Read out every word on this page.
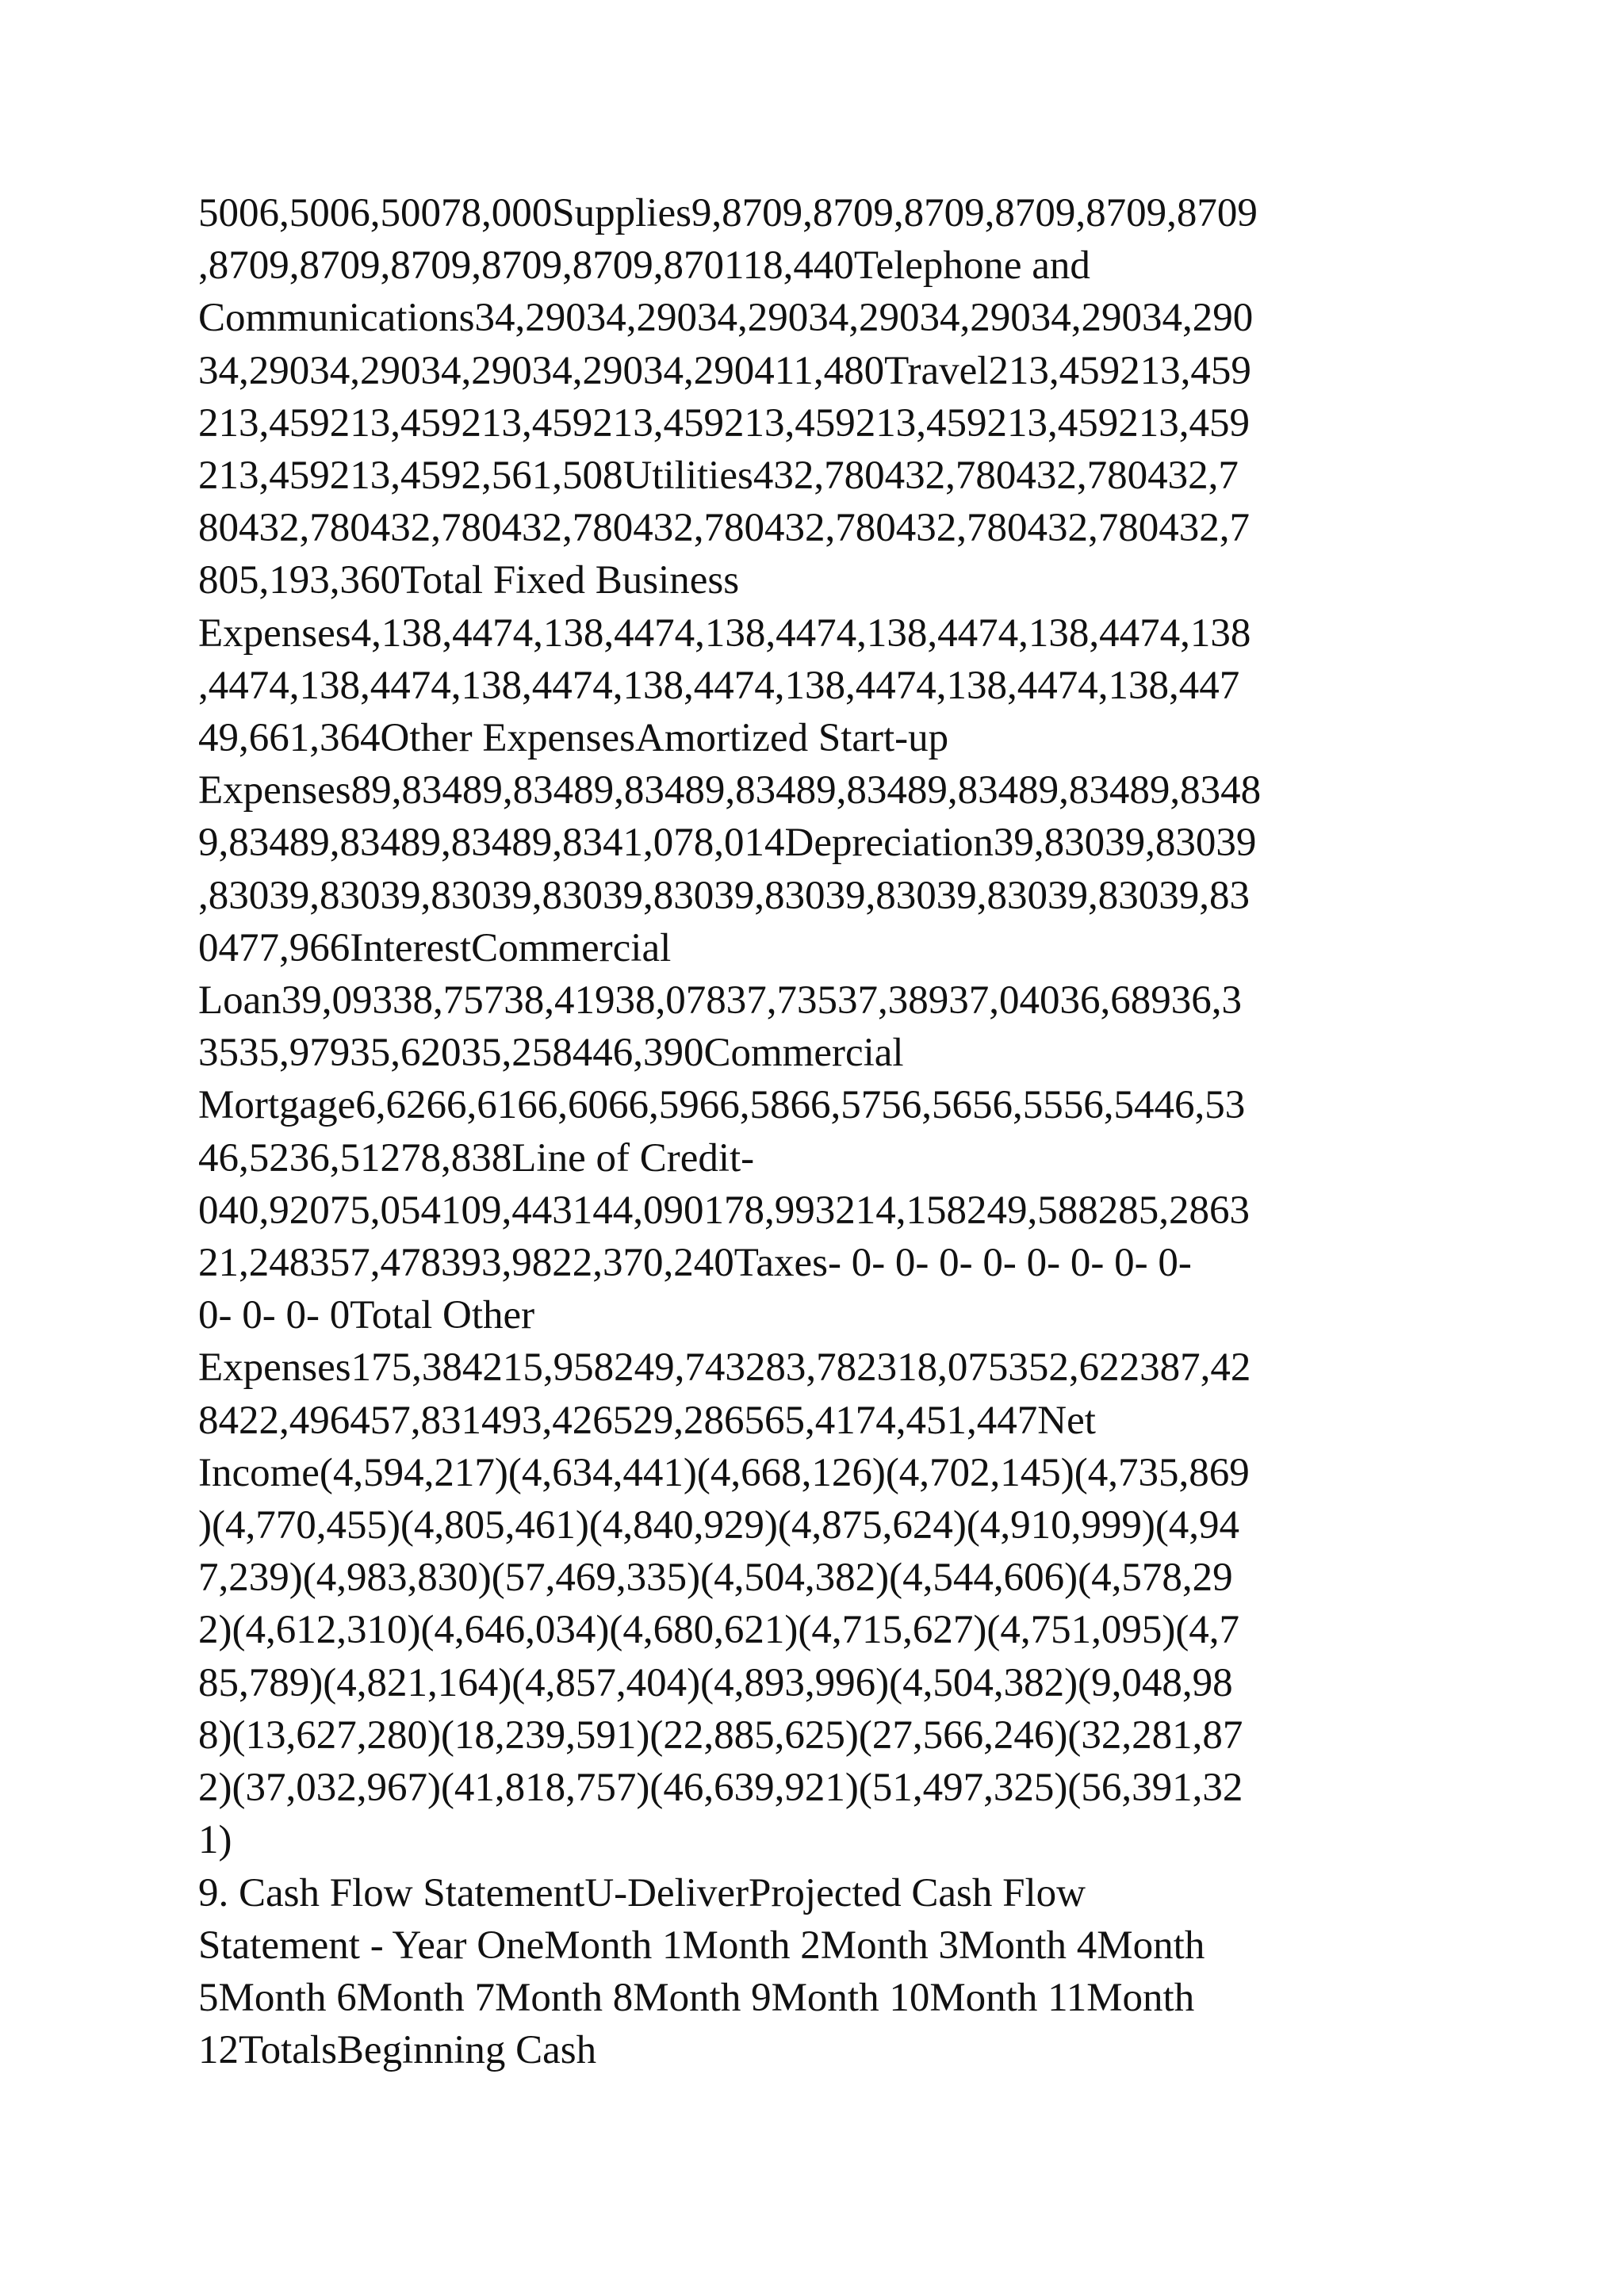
5006,5006,50078,000Supplies9,8709,8709,8709,8709,8709,8709
,8709,8709,8709,8709,8709,870118,440Telephone and
Communications34,29034,29034,29034,29034,29034,29034,290
34,29034,29034,29034,29034,290411,480Travel213,459213,459
213,459213,459213,459213,459213,459213,459213,459213,459
213,459213,4592,561,508Utilities432,780432,780432,780432,7
80432,780432,780432,780432,780432,780432,780432,780432,7
805,193,360Total Fixed Business
Expenses4,138,4474,138,4474,138,4474,138,4474,138,4474,138
,4474,138,4474,138,4474,138,4474,138,4474,138,4474,138,447
49,661,364Other ExpensesAmortized Start-up
Expenses89,83489,83489,83489,83489,83489,83489,83489,8348
9,83489,83489,83489,8341,078,014Depreciation39,83039,83039
,83039,83039,83039,83039,83039,83039,83039,83039,83039,83
0477,966InterestCommercial
Loan39,09338,75738,41938,07837,73537,38937,04036,68936,3
3535,97935,62035,258446,390Commercial
Mortgage6,6266,6166,6066,5966,5866,5756,5656,5556,5446,53
46,5236,51278,838Line of Credit-
040,92075,054109,443144,090178,993214,158249,588285,2863
21,248357,478393,9822,370,240Taxes- 0- 0- 0- 0- 0- 0- 0- 0-
0- 0- 0- 0Total Other
Expenses175,384215,958249,743283,782318,075352,622387,42
8422,496457,831493,426529,286565,4174,451,447Net
Income(4,594,217)(4,634,441)(4,668,126)(4,702,145)(4,735,869
)(4,770,455)(4,805,461)(4,840,929)(4,875,624)(4,910,999)(4,94
7,239)(4,983,830)(57,469,335)(4,504,382)(4,544,606)(4,578,29
2)(4,612,310)(4,646,034)(4,680,621)(4,715,627)(4,751,095)(4,7
85,789)(4,821,164)(4,857,404)(4,893,996)(4,504,382)(9,048,98
8)(13,627,280)(18,239,591)(22,885,625)(27,566,246)(32,281,87
2)(37,032,967)(41,818,757)(46,639,921)(51,497,325)(56,391,32
1)
9. Cash Flow StatementU-DeliverProjected Cash Flow
Statement - Year OneMonth 1Month 2Month 3Month 4Month
5Month 6Month 7Month 8Month 9Month 10Month 11Month
12TotalsBeginning Cash
